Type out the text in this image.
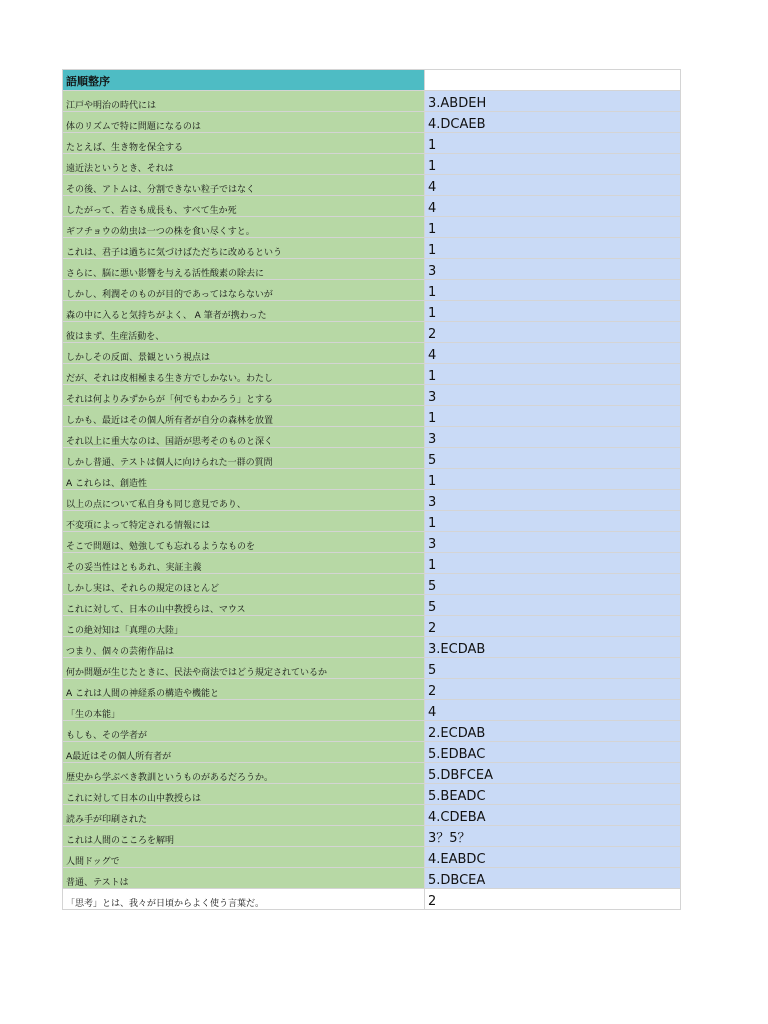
語順整序	
江戸や明治の時代には	3.ABDEH
体のリズムで特に問題になるのは	4.DCAEB
たとえば、生き物を保全する	1
遠近法というとき、それは	1
その後、アトムは、分割できない粒子ではなく	4
したがって、若さも成長も、すべて生か死	4
ギフチョウの幼虫は一つの株を食い尽くすと。	1
これは、君子は過ちに気づけばただちに改めるという	1
さらに、脳に悪い影響を与える活性酸素の除去に	3
しかし、利潤そのものが目的であってはならないが	1
森の中に入ると気持ちがよく、 A 筆者が携わった	1
彼はまず、生産活動を、	2
しかしその反面、景観という視点は	4
だが、それは皮相極まる生き方でしかない。わたし	1
それは何よりみずからが「何でもわかろう」とする	3
しかも、最近はその個人所有者が自分の森林を放置	1
それ以上に重大なのは、国語が思考そのものと深く	3
しかし普通、テストは個人に向けられた一群の質問	5
A これらは、創造性	1
以上の点について私自身も同じ意見であり、	3
不変項によって特定される情報には	1
そこで問題は、勉強しても忘れるようなものを	3
その妥当性はともあれ、実証主義	1
しかし実は、それらの規定のほとんど	5
これに対して、日本の山中教授らは、マウス	5
この絶対知は「真理の大陸」	2
つまり、個々の芸術作品は	3.ECDAB
何か問題が生じたときに、民法や商法ではどう規定されているか	5
A これは人間の神経系の構造や機能と	2
「生の本能」	4
もしも、その学者が	2.ECDAB
A最近はその個人所有者が	5.EDBAC
歴史から学ぶべき教訓というものがあるだろうか。	5.DBFCEA
これに対して日本の山中教授らは	5.BEADC
読み手が印刷された	4.CDEBA
これは人間のこころを解明	3？5？
人間ドッグで	4.EABDC
普通、テストは	5.DBCEA
「思考」とは、我々が日頃からよく使う言葉だ。	2
